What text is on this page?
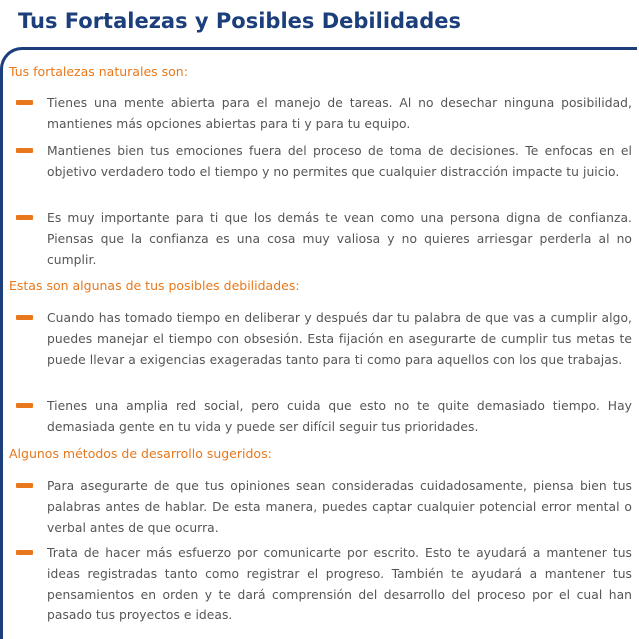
Tus Fortalezas y Posibles Debilidades
Tus fortalezas naturales son:
Tienes una mente abierta para el manejo de tareas. Al no desechar ninguna posibilidad, mantienes más opciones abiertas para ti y para tu equipo.
Mantienes bien tus emociones fuera del proceso de toma de decisiones. Te enfocas en el objetivo verdadero todo el tiempo y no permites que cualquier distracción impacte tu juicio.
Es muy importante para ti que los demás te vean como una persona digna de confianza. Piensas que la confianza es una cosa muy valiosa y no quieres arriesgar perderla al no cumplir.
Estas son algunas de tus posibles debilidades:
Cuando has tomado tiempo en deliberar y después dar tu palabra de que vas a cumplir algo, puedes manejar el tiempo con obsesión. Esta fijación en asegurarte de cumplir tus metas te puede llevar a exigencias exageradas tanto para ti como para aquellos con los que trabajas.
Tienes una amplia red social, pero cuida que esto no te quite demasiado tiempo. Hay demasiada gente en tu vida y puede ser difícil seguir tus prioridades.
Algunos métodos de desarrollo sugeridos:
Para asegurarte de que tus opiniones sean consideradas cuidadosamente, piensa bien tus palabras antes de hablar. De esta manera, puedes captar cualquier potencial error mental o verbal antes de que ocurra.
Trata de hacer más esfuerzo por comunicarte por escrito. Esto te ayudará a mantener tus ideas registradas tanto como registrar el progreso. También te ayudará a mantener tus pensamientos en orden y te dará comprensión del desarrollo del proceso por el cual han pasado tus proyectos e ideas.
